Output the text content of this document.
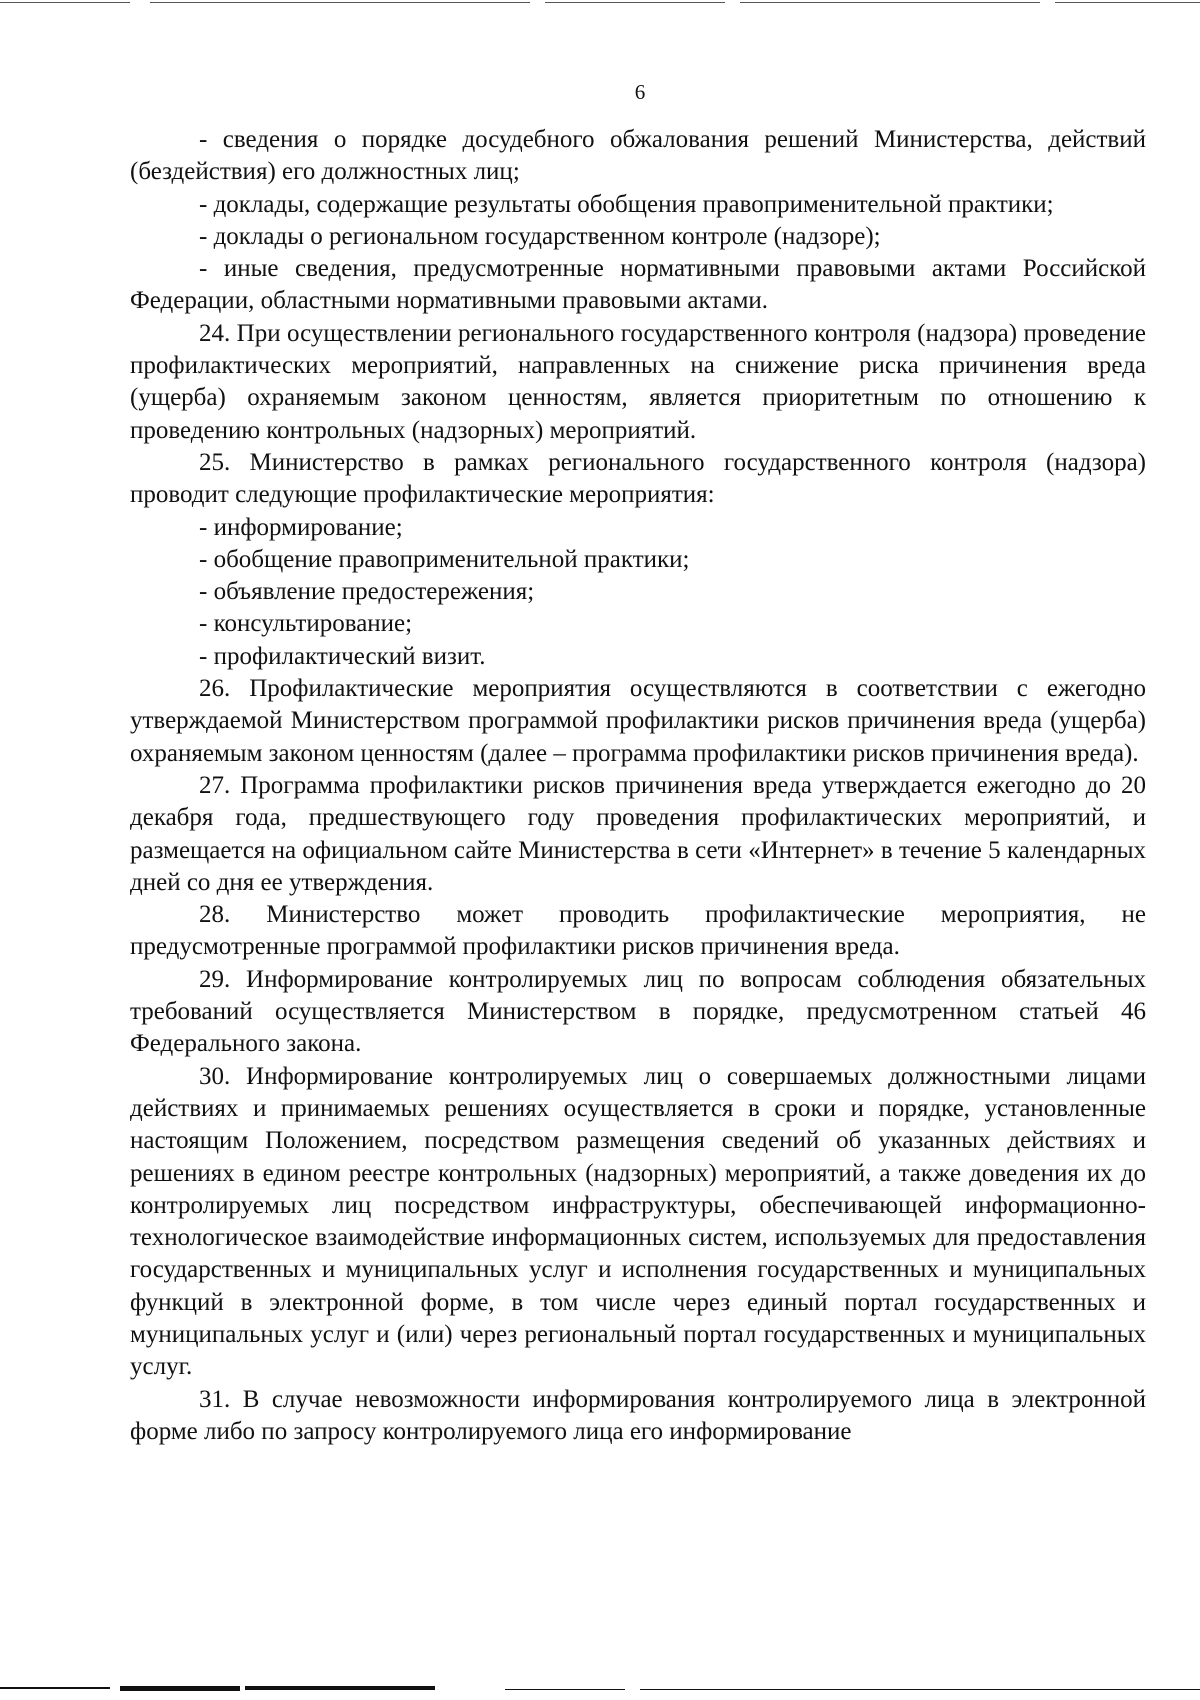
6

- сведения о порядке досудебного обжалования решений Министерства, действий (бездействия) его должностных лиц;

- доклады, содержащие результаты обобщения правоприменительной практики;

- доклады о региональном государственном контроле (надзоре);

- иные сведения, предусмотренные нормативными правовыми актами Российской Федерации, областными нормативными правовыми актами.

24. При осуществлении регионального государственного контроля (надзора) проведение профилактических мероприятий, направленных на снижение риска причинения вреда (ущерба) охраняемым законом ценностям, является приоритетным по отношению к проведению контрольных (надзорных) мероприятий.

25. Министерство в рамках регионального государственного контроля (надзора) проводит следующие профилактические мероприятия:

- информирование;

- обобщение правоприменительной практики;

- объявление предостережения;

- консультирование;

- профилактический визит.

26. Профилактические мероприятия осуществляются в соответствии с ежегодно утверждаемой Министерством программой профилактики рисков причинения вреда (ущерба) охраняемым законом ценностям (далее – программа профилактики рисков причинения вреда).

27. Программа профилактики рисков причинения вреда утверждается ежегодно до 20 декабря года, предшествующего году проведения профилактических мероприятий, и размещается на официальном сайте Министерства в сети «Интернет» в течение 5 календарных дней со дня ее утверждения.

28. Министерство может проводить профилактические мероприятия, не предусмотренные программой профилактики рисков причинения вреда.

29. Информирование контролируемых лиц по вопросам соблюдения обязательных требований осуществляется Министерством в порядке, предусмотренном статьей 46 Федерального закона.

30. Информирование контролируемых лиц о совершаемых должностными лицами действиях и принимаемых решениях осуществляется в сроки и порядке, установленные настоящим Положением, посредством размещения сведений об указанных действиях и решениях в едином реестре контрольных (надзорных) мероприятий, а также доведения их до контролируемых лиц посредством инфраструктуры, обеспечивающей информационно-технологическое взаимодействие информационных систем, используемых для предоставления государственных и муниципальных услуг и исполнения государственных и муниципальных функций в электронной форме, в том числе через единый портал государственных и муниципальных услуг и (или) через региональный портал государственных и муниципальных услуг.

31. В случае невозможности информирования контролируемого лица в электронной форме либо по запросу контролируемого лица его информирование
